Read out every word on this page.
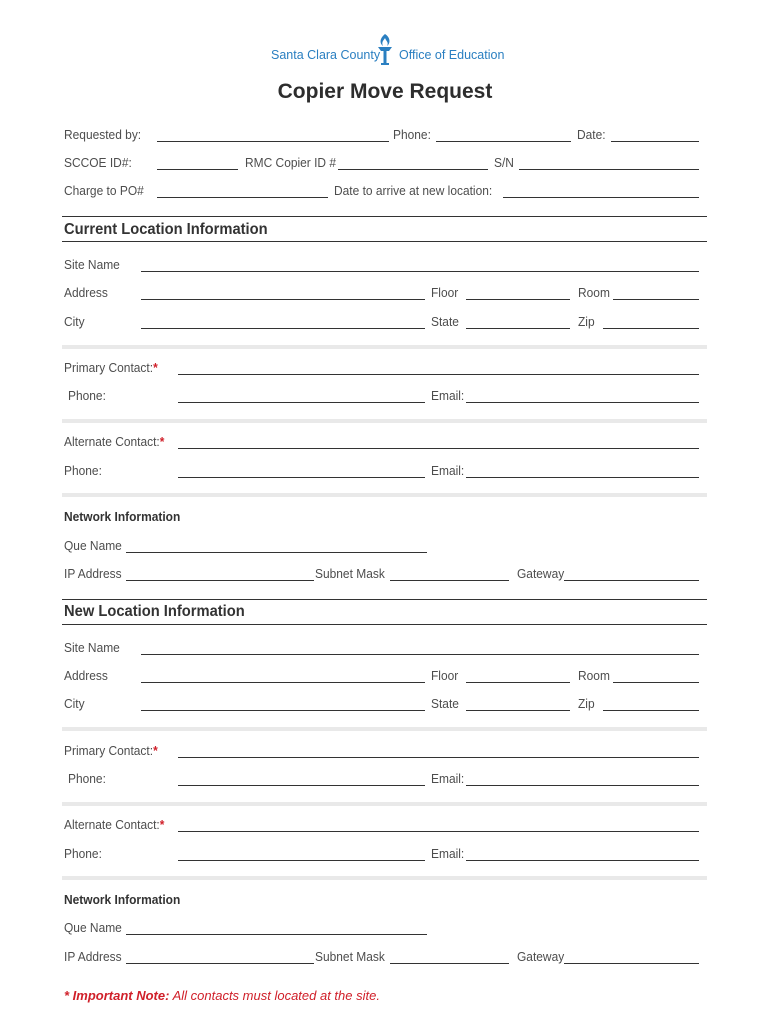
Santa Clara County Office of Education
Copier Move Request
Requested by:	Phone:	Date:
SCCOE ID#:	RMC Copier ID #	S/N
Charge to PO#	Date to arrive at new location:
Current Location Information
Site Name
Address	Floor	Room
City	State	Zip
Primary Contact:*
Phone:	Email:
Alternate Contact:*
Phone:	Email:
Network Information
Que Name
IP Address	Subnet Mask	Gateway
New Location Information
Site Name
Address	Floor	Room
City	State	Zip
Primary Contact:*
Phone:	Email:
Alternate Contact:*
Phone:	Email:
Network Information
Que Name
IP Address	Subnet Mask	Gateway
* Important Note: All contacts must located at the site.
